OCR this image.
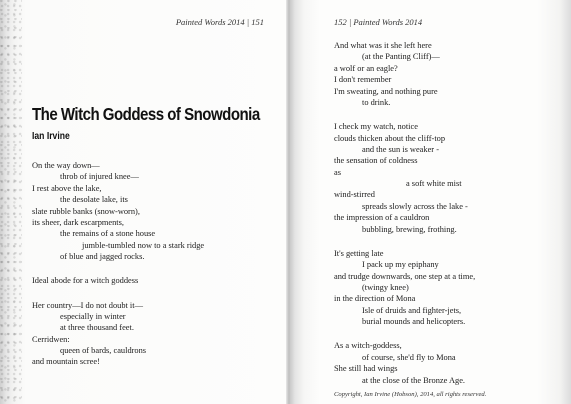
Painted Words 2014 | 151
The Witch Goddess of Snowdonia
Ian Irvine
On the way down—
throb of injured knee—
I rest above the lake,
the desolate lake, its
slate rubble banks (snow-worn),
its sheer, dark escarpments,
the remains of a stone house
jumble-tumbled now to a stark ridge
of blue and jagged rocks.
Ideal abode for a witch goddess
Her country—I do not doubt it—
especially in winter
at three thousand feet.
Cerridwen:
queen of bards, cauldrons
and mountain scree!
152 | Painted Words 2014
And what was it she left here
(at the Panting Cliff)—
a wolf or an eagle?
I don't remember
I'm sweating, and nothing pure
to drink.
I check my watch, notice
clouds thicken about the cliff-top
and the sun is weaker -
the sensation of coldness
as
a soft white mist
wind-stirred
spreads slowly across the lake -
the impression of a cauldron
bubbling, brewing, frothing.
It's getting late
I pack up my epiphany
and trudge downwards, one step at a time,
(twingy knee)
in the direction of Mona
Isle of druids and fighter-jets,
burial mounds and helicopters.
As a witch-goddess,
of course, she'd fly to Mona
She still had wings
at the close of the Bronze Age.
Copyright, Ian Irvine (Hobson), 2014, all rights reserved.
